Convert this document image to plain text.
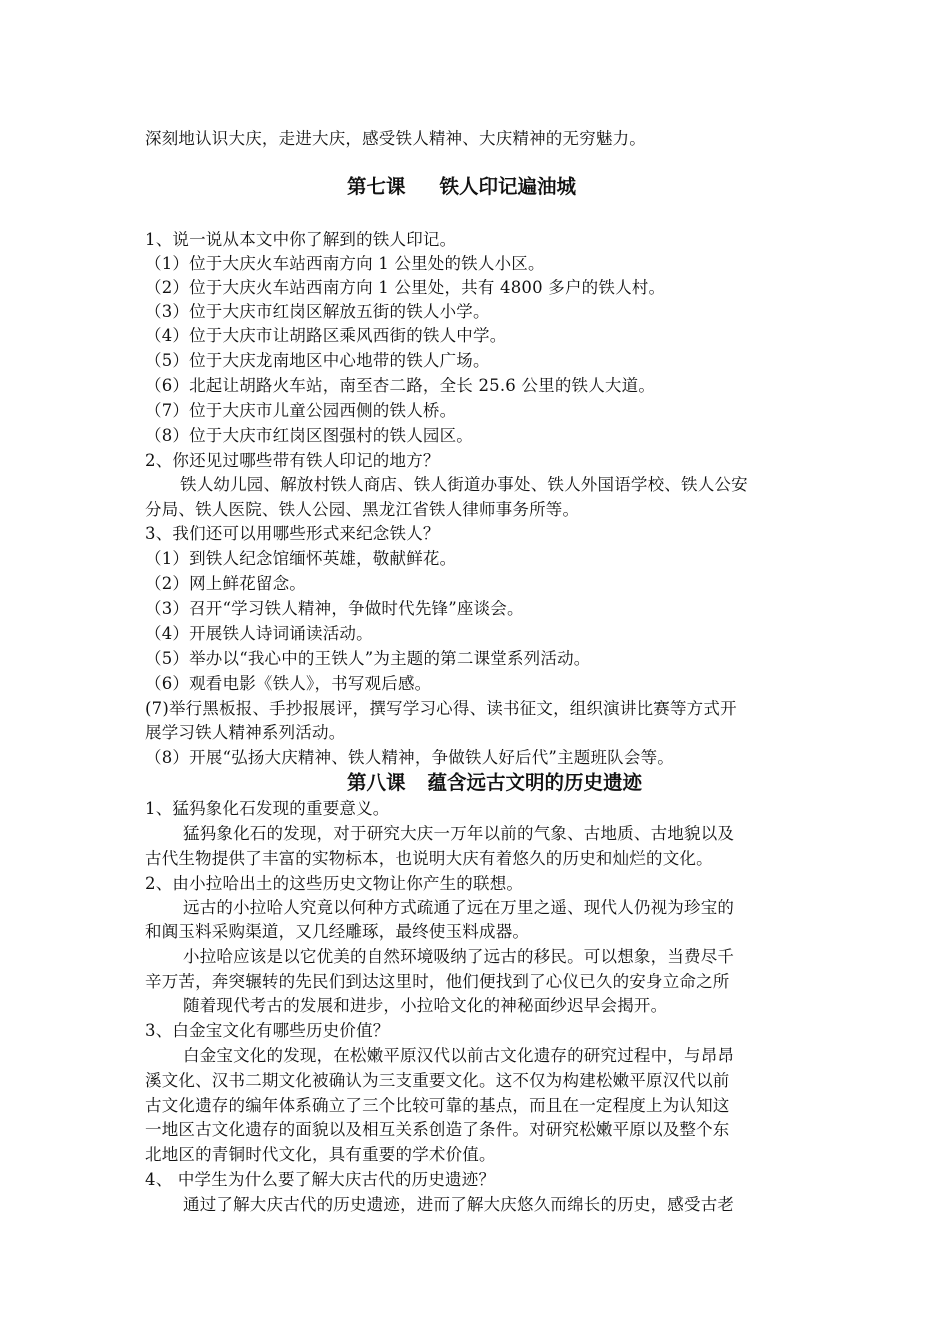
深刻地认识大庆，走进大庆，感受铁人精神、大庆精神的无穷魅力。
第七课 铁人印记遍油城
1、说一说从本文中你了解到的铁人印记。
（1）位于大庆火车站西南方向 1 公里处的铁人小区。
（2）位于大庆火车站西南方向 1 公里处，共有 4800 多户的铁人村。
（3）位于大庆市红岗区解放五街的铁人小学。
（4）位于大庆市让胡路区乘风西街的铁人中学。
（5）位于大庆龙南地区中心地带的铁人广场。
（6）北起让胡路火车站，南至杏二路，全长 25.6 公里的铁人大道。
（7）位于大庆市儿童公园西侧的铁人桥。
（8）位于大庆市红岗区图强村的铁人园区。
2、你还见过哪些带有铁人印记的地方？
铁人幼儿园、解放村铁人商店、铁人街道办事处、铁人外国语学校、铁人公安
分局、铁人医院、铁人公园、黑龙江省铁人律师事务所等。
3、我们还可以用哪些形式来纪念铁人？
（1）到铁人纪念馆缅怀英雄，敬献鲜花。
（2）网上鲜花留念。
（3）召开“学习铁人精神，争做时代先锋”座谈会。
（4）开展铁人诗词诵读活动。
（5）举办以“我心中的王铁人”为主题的第二课堂系列活动。
（6）观看电影《铁人》，书写观后感。
(7)举行黑板报、手抄报展评，撰写学习心得、读书征文，组织演讲比赛等方式开
展学习铁人精神系列活动。
（8）开展“弘扬大庆精神、铁人精神，争做铁人好后代”主题班队会等。
第八课 蕴含远古文明的历史遗迹
1、猛犸象化石发现的重要意义。
猛犸象化石的发现，对于研究大庆一万年以前的气象、古地质、古地貌以及
古代生物提供了丰富的实物标本，也说明大庆有着悠久的历史和灿烂的文化。
2、由小拉哈出土的这些历史文物让你产生的联想。
远古的小拉哈人究竟以何种方式疏通了远在万里之遥、现代人仍视为珍宝的
和阗玉料采购渠道，又几经雕琢，最终使玉料成器。
小拉哈应该是以它优美的自然环境吸纳了远古的移民。可以想象，当费尽千
辛万苦，奔突辗转的先民们到达这里时，他们便找到了心仪已久的安身立命之所
随着现代考古的发展和进步，小拉哈文化的神秘面纱迟早会揭开。
3、白金宝文化有哪些历史价值？
白金宝文化的发现，在松嫩平原汉代以前古文化遗存的研究过程中，与昂昂
溪文化、汉书二期文化被确认为三支重要文化。这不仅为构建松嫩平原汉代以前
古文化遗存的编年体系确立了三个比较可靠的基点，而且在一定程度上为认知这
一地区古文化遗存的面貌以及相互关系创造了条件。对研究松嫩平原以及整个东
北地区的青铜时代文化，具有重要的学术价值。
4、 中学生为什么要了解大庆古代的历史遗迹？
通过了解大庆古代的历史遗迹，进而了解大庆悠久而绵长的历史，感受古老
